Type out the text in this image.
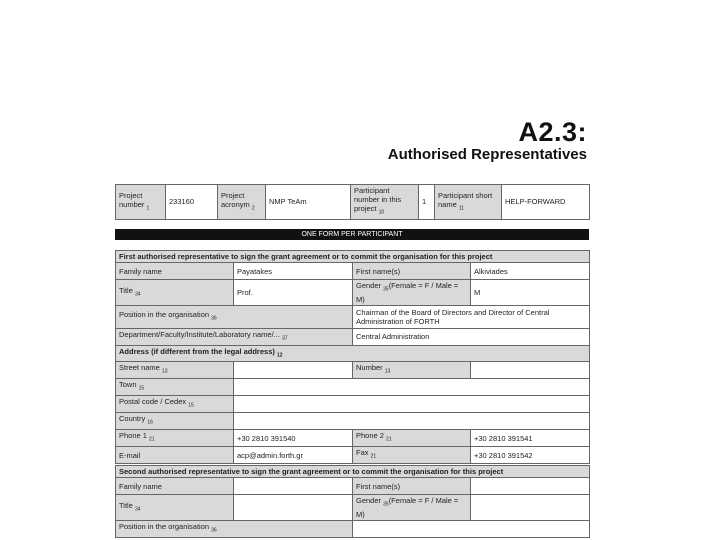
A2.3:
Authorised Representatives
Project number $_1$	233160	Project acronym $_2$	NMP TeAm	Participant number in this project $_{10}$	1	Participant short name $_{11}$	HELP-FORWARD
ONE FORM PER PARTICIPANT
First authorised representative to sign the grant agreement or to commit the organisation for this project			
Family name	Payatakes	First name(s)	Alkiviades
Title $_{34}$	Prof.	Gender $_{35}$(Female = F / Male = M)	M
Position in the organisation $_{36}$		Chairman of the Board of Directors and Director of Central Administration of FORTH	
Department/Faculty/Institute/Laboratory name/... $_{37}$		Central Administration	
Address (if different from the legal address) $_{12}$
Street name $_{13}$		Number $_{13}$	
Town $_{15}$	
Postal code / Cedex $_{15}$	
Country $_{16}$	
Phone 1 $_{21}$	+30 2810 391540	Phone 2 $_{21}$	+30 2810 391541
E-mail	acp@admin.forth.gr	Fax $_{21}$	+30 2810 391542
Second authorised representative to sign the grant agreement or to commit the organisation for this project			
Family name		First name(s)	
Title $_{34}$		Gender $_{35}$(Female = F / Male = M)	
Position in the organisation $_{36}$	
